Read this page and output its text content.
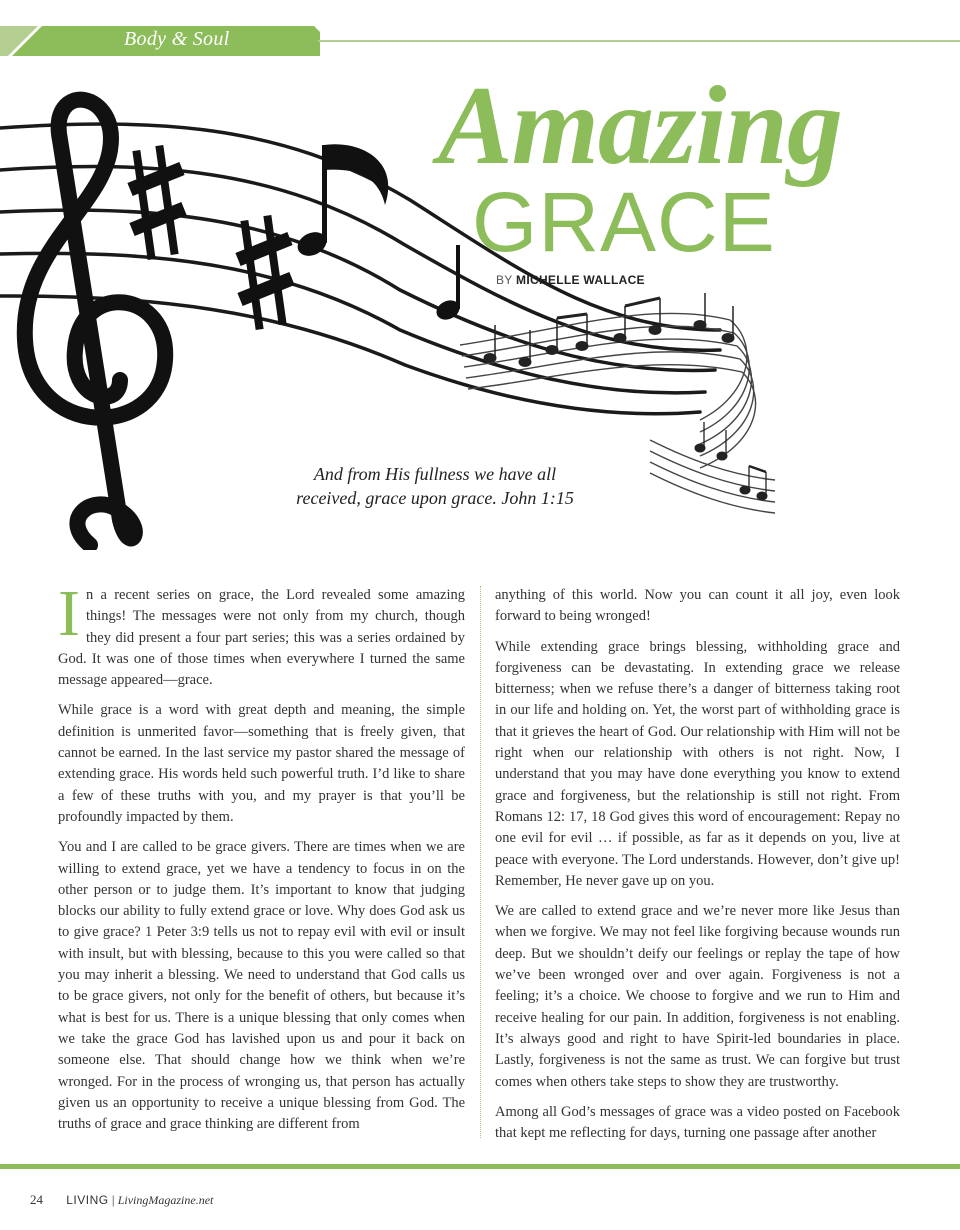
Body & Soul
Amazing
GRACE
BY MICHELLE WALLACE
And from His fullness we have all
received, grace upon grace. John 1:15

In a recent series on grace, the Lord revealed some amazing things! The messages were not only from my church, though they did present a four part series; this was a series ordained by God. It was one of those times when everywhere I turned the same message appeared—grace.

While grace is a word with great depth and meaning, the simple definition is unmerited favor—something that is freely given, that cannot be earned. In the last service my pastor shared the message of extending grace. His words held such powerful truth. I’d like to share a few of these truths with you, and my prayer is that you’ll be profoundly impacted by them.

You and I are called to be grace givers. There are times when we are willing to extend grace, yet we have a tendency to focus in on the other person or to judge them. It’s important to know that judging blocks our ability to fully extend grace or love. Why does God ask us to give grace? 1 Peter 3:9 tells us not to repay evil with evil or insult with insult, but with blessing, because to this you were called so that you may inherit a blessing. We need to understand that God calls us to be grace givers, not only for the benefit of others, but because it’s what is best for us. There is a unique blessing that only comes when we take the grace God has lavished upon us and pour it back on someone else. That should change how we think when we’re wronged. For in the process of wronging us, that person has actually given us an opportunity to receive a unique blessing from God. The truths of grace and grace thinking are different from

anything of this world. Now you can count it all joy, even look forward to being wronged!

While extending grace brings blessing, withholding grace and forgiveness can be devastating. In extending grace we release bitterness; when we refuse there’s a danger of bitterness taking root in our life and holding on. Yet, the worst part of withholding grace is that it grieves the heart of God. Our relationship with Him will not be right when our relationship with others is not right. Now, I understand that you may have done everything you know to extend grace and forgiveness, but the relationship is still not right. From Romans 12: 17, 18 God gives this word of encouragement: Repay no one evil for evil … if possible, as far as it depends on you, live at peace with everyone. The Lord understands. However, don’t give up! Remember, He never gave up on you.

We are called to extend grace and we’re never more like Jesus than when we forgive. We may not feel like forgiving because wounds run deep. But we shouldn’t deify our feelings or replay the tape of how we’ve been wronged over and over again. Forgiveness is not a feeling; it’s a choice. We choose to forgive and we run to Him and receive healing for our pain. In addition, forgiveness is not enabling. It’s always good and right to have Spirit-led boundaries in place. Lastly, forgiveness is not the same as trust. We can forgive but trust comes when others take steps to show they are trustworthy.

Among all God’s messages of grace was a video posted on Facebook that kept me reflecting for days, turning one passage after another

24 LIVING | LivingMagazine.net
